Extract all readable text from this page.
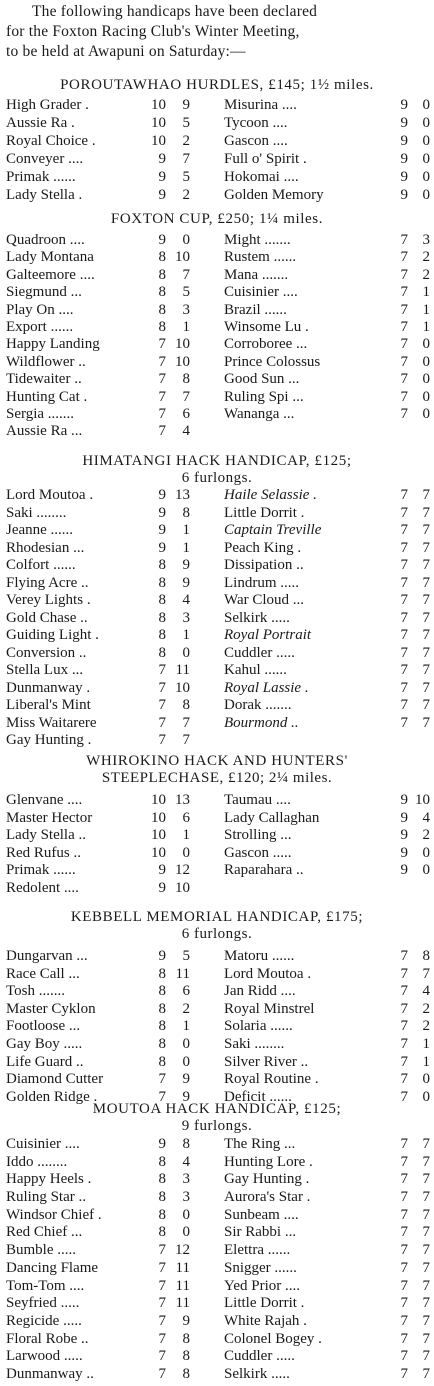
The following handicaps have been declared
for the Foxton Racing Club's Winter Meeting,
to be held at Awapuni on Saturday:—
POROUTAWHAO HURDLES, £145; 1½ miles.
High Grader .	10	9 Misurina ....	9 0
Aussie Ra .	10	5 Tycoon ....	9 0
Royal Choice .	10	2 Gascon ....	9 0
Conveyer ....	9	7 Full o' Spirit .	9 0
Primak ......	9	5 Hokomai ....	9 0
Lady Stella .	9	2 Golden Memory	9 0
FOXTON CUP, £250; 1¼ miles.
Quadroon ....	9	0 Might .......	7 3
Lady Montana	8 10 Rustem ......	7 2
Galteemore ....	8	7 Mana .......	7 2
Siegmund ...	8	5 Cuisinier ....	7 1
Play On ....	8	3 Brazil ......	7 1
Export ......	8	1 Winsome Lu .	7 1
Happy Landing	7 10 Corroboree ...	7 0
Wildflower ..	7 10 Prince Colossus	7 0
Tidewaiter ..	7	8 Good Sun ...	7 0
Hunting Cat .	7	7 Ruling Spi ...	7 0
Sergia .......	7	6 Wananga ...	7 0
Aussie Ra ...	7	4
HIMATANGI HACK HANDICAP, £125;
6 furlongs.
Lord Moutoa .	9 13 Haile Selassie .	7 7
Saki ........	9	8 Little Dorrit .	7 7
Jeanne ......	9	1 Captain Treville	7 7
Rhodesian ...	9	1 Peach King .	7 7
Colfort ......	8	9 Dissipation ..	7 7
Flying Acre ..	8	9 Lindrum .....	7 7
Verey Lights .	8	4 War Cloud ...	7 7
Gold Chase ..	8	3 Selkirk .....	7 7
Guiding Light .	8	1 Royal Portrait	7 7
Conversion ..	8	0 Cuddler .....	7 7
Stella Lux ...	7 11 Kahul ......	7 7
Dunmanway .	7 10 Royal Lassie .	7 7
Liberal's Mint	7	8 Dorak .......	7 7
Miss Waitarere	7	7 Bourmond ..	7 7
Gay Hunting .	7	7
WHIROKINO HACK AND HUNTERS'
STEEPLECHASE, £120; 2¼ miles.
Glenvane ....	10 13 Taumau ....	9 10
Master Hector	10	6 Lady Callaghan	9 4
Lady Stella ..	10	1 Strolling ...	9 2
Red Rufus ..	10	0 Gascon .....	9 0
Primak ......	9 12 Raparahara ..	9 0
Redolent ....	9 10
KEBBELL MEMORIAL HANDICAP, £175;
6 furlongs.
Dungarvan ...	9	5 Matoru ......	7 8
Race Call ...	8 11 Lord Moutoa .	7 7
Tosh .......	8	6 Jan Ridd ....	7 4
Master Cyklon	8	2 Royal Minstrel	7 2
Footloose ...	8	1 Solaria ......	7 2
Gay Boy .....	8	0 Saki ........	7 1
Life Guard ..	8	0 Silver River ..	7 1
Diamond Cutter	7	9 Royal Routine .	7 0
Golden Ridge .	7	9 Deficit ......	7 0
MOUTOA HACK HANDICAP, £125;
9 furlongs.
Cuisinier ....	9	8 The Ring ...	7 7
Iddo ........	8	4 Hunting Lore .	7 7
Happy Heels .	8	3 Gay Hunting .	7 7
Ruling Star ..	8	3 Aurora's Star .	7 7
Windsor Chief .	8	0 Sunbeam ....	7 7
Red Chief ...	8	0 Sir Rabbi ...	7 7
Bumble .....	7 12 Elettra ......	7 7
Dancing Flame	7 11 Snigger ......	7 7
Tom-Tom ....	7 11 Yed Prior ....	7 7
Seyfried .....	7 11 Little Dorrit .	7 7
Regicide .....	7	9 White Rajah .	7 7
Floral Robe ..	7	8 Colonel Bogey .	7 7
Larwood .....	7	8 Cuddler .....	7 7
Dunmanway ..	7	8 Selkirk .....	7 7
